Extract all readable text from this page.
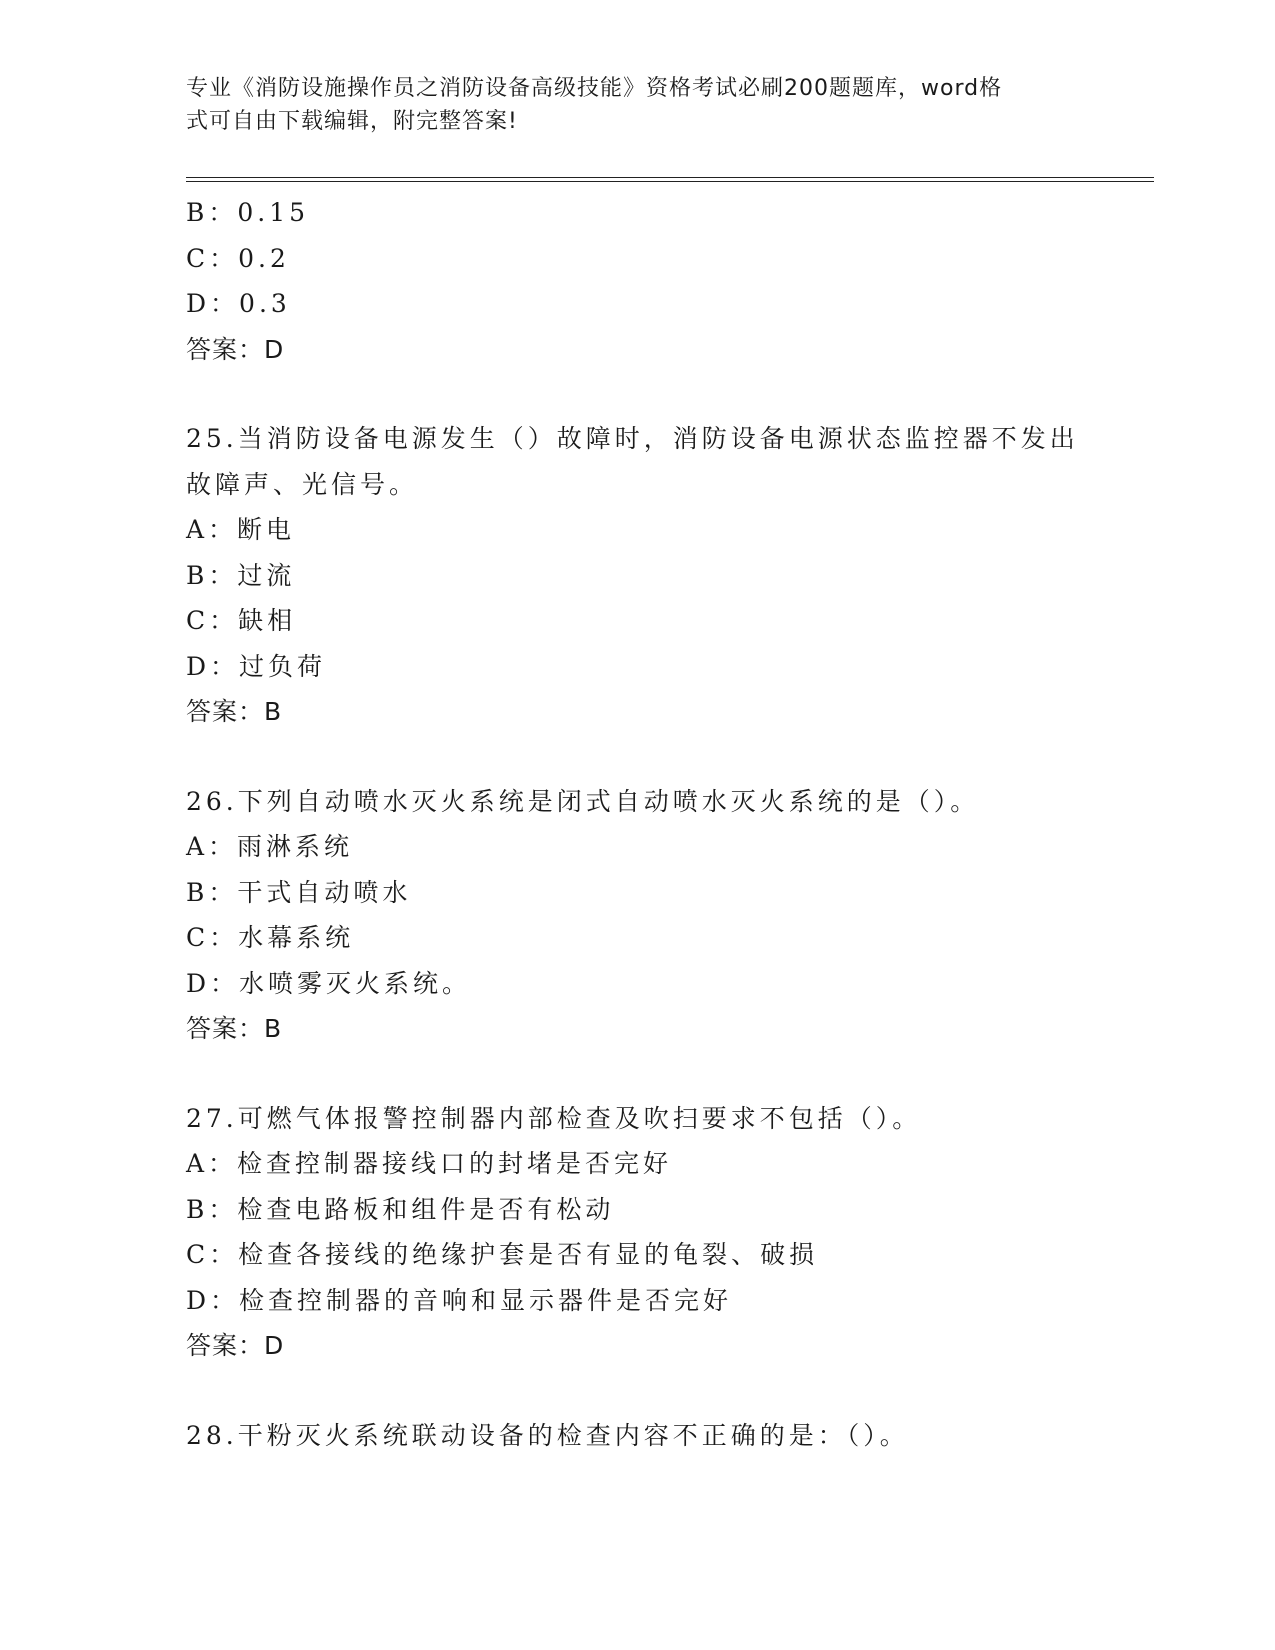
专业《消防设施操作员之消防设备高级技能》资格考试必刷200题题库，word格
式可自由下载编辑，附完整答案!
B：0.15
C：0.2
D：0.3
答案：D
25.当消防设备电源发生（）故障时，消防设备电源状态监控器不发出
故障声、光信号。
A：断电
B：过流
C：缺相
D：过负荷
答案：B
26.下列自动喷水灭火系统是闭式自动喷水灭火系统的是（）。
A：雨淋系统
B：干式自动喷水
C：水幕系统
D：水喷雾灭火系统。
答案：B
27.可燃气体报警控制器内部检查及吹扫要求不包括（）。
A：检查控制器接线口的封堵是否完好
B：检查电路板和组件是否有松动
C：检查各接线的绝缘护套是否有显的龟裂、破损
D：检查控制器的音响和显示器件是否完好
答案：D
28.干粉灭火系统联动设备的检查内容不正确的是：（）。
